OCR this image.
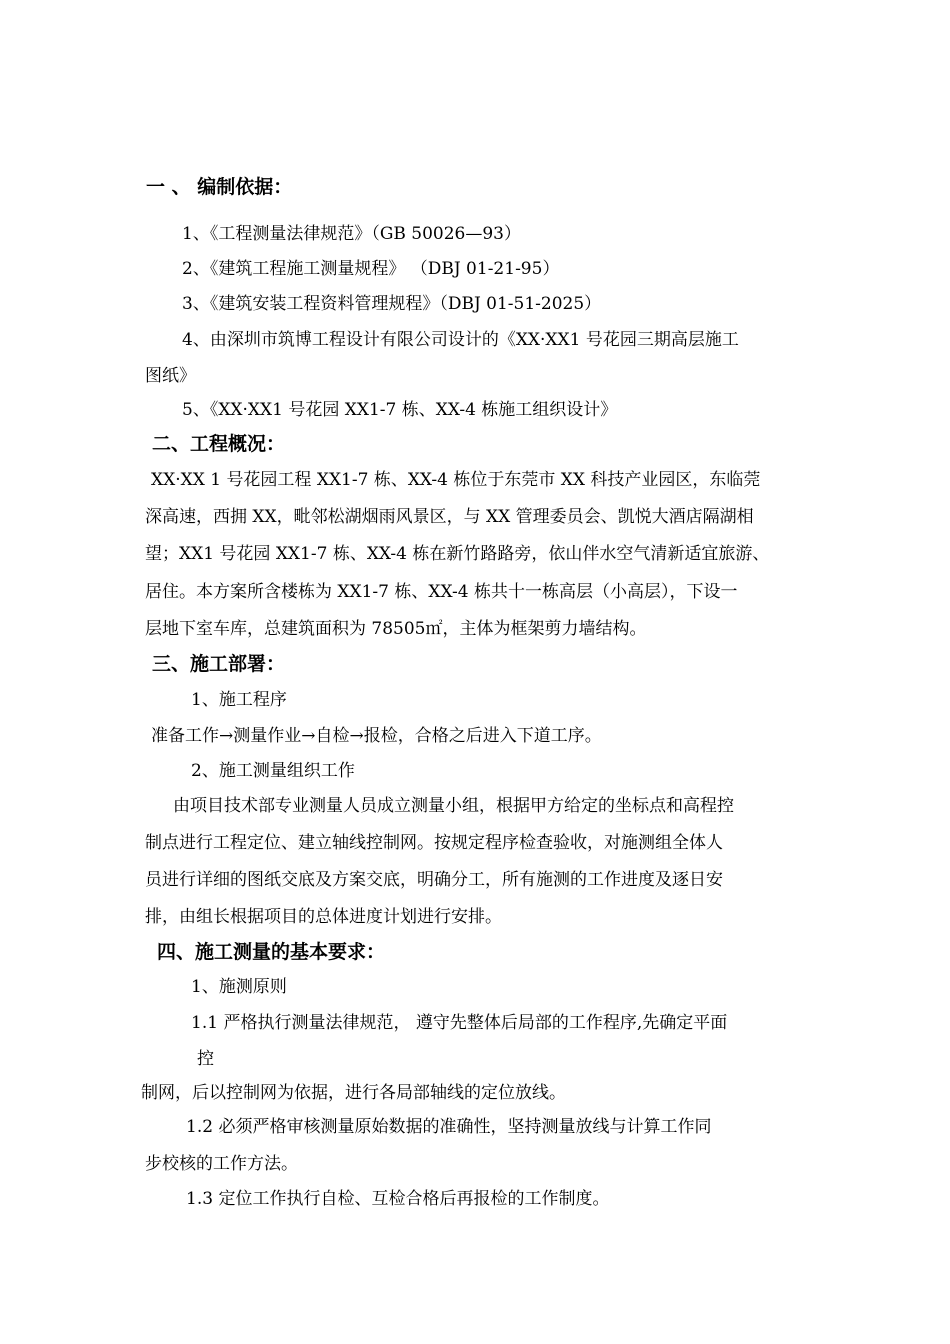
一 、 编制依据：
1、《工程测量法律规范》（GB 50026—93）
2、《建筑工程施工测量规程》 （DBJ 01-21-95）
3、《建筑安装工程资料管理规程》（DBJ 01-51-2025）
4、由深圳市筑博工程设计有限公司设计的《XX·XX1 号花园三期高层施工
图纸》
5、《XX·XX1 号花园 XX1-7 栋、XX-4 栋施工组织设计》
二、工程概况：
XX·XX 1 号花园工程 XX1-7 栋、XX-4 栋位于东莞市 XX 科技产业园区，东临莞
深高速，西拥 XX，毗邻松湖烟雨风景区，与 XX 管理委员会、凯悦大酒店隔湖相
望；XX1 号花园 XX1-7 栋、XX-4 栋在新竹路路旁，依山伴水空气清新适宜旅游、
居住。本方案所含楼栋为 XX1-7 栋、XX-4 栋共十一栋高层（小高层），下设一
层地下室车库，总建筑面积为 78505㎡，主体为框架剪力墙结构。
三、施工部署：
1、施工程序
准备工作→测量作业→自检→报检，合格之后进入下道工序。
2、施工测量组织工作
由项目技术部专业测量人员成立测量小组，根据甲方给定的坐标点和高程控
制点进行工程定位、建立轴线控制网。按规定程序检查验收，对施测组全体人
员进行详细的图纸交底及方案交底，明确分工，所有施测的工作进度及逐日安
排，由组长根据项目的总体进度计划进行安排。
四、施工测量的基本要求：
1、施测原则
1.1 严格执行测量法律规范， 遵守先整体后局部的工作程序,先确定平面
控
制网，后以控制网为依据，进行各局部轴线的定位放线。
1.2 必须严格审核测量原始数据的准确性，坚持测量放线与计算工作同
步校核的工作方法。
1.3 定位工作执行自检、互检合格后再报检的工作制度。
